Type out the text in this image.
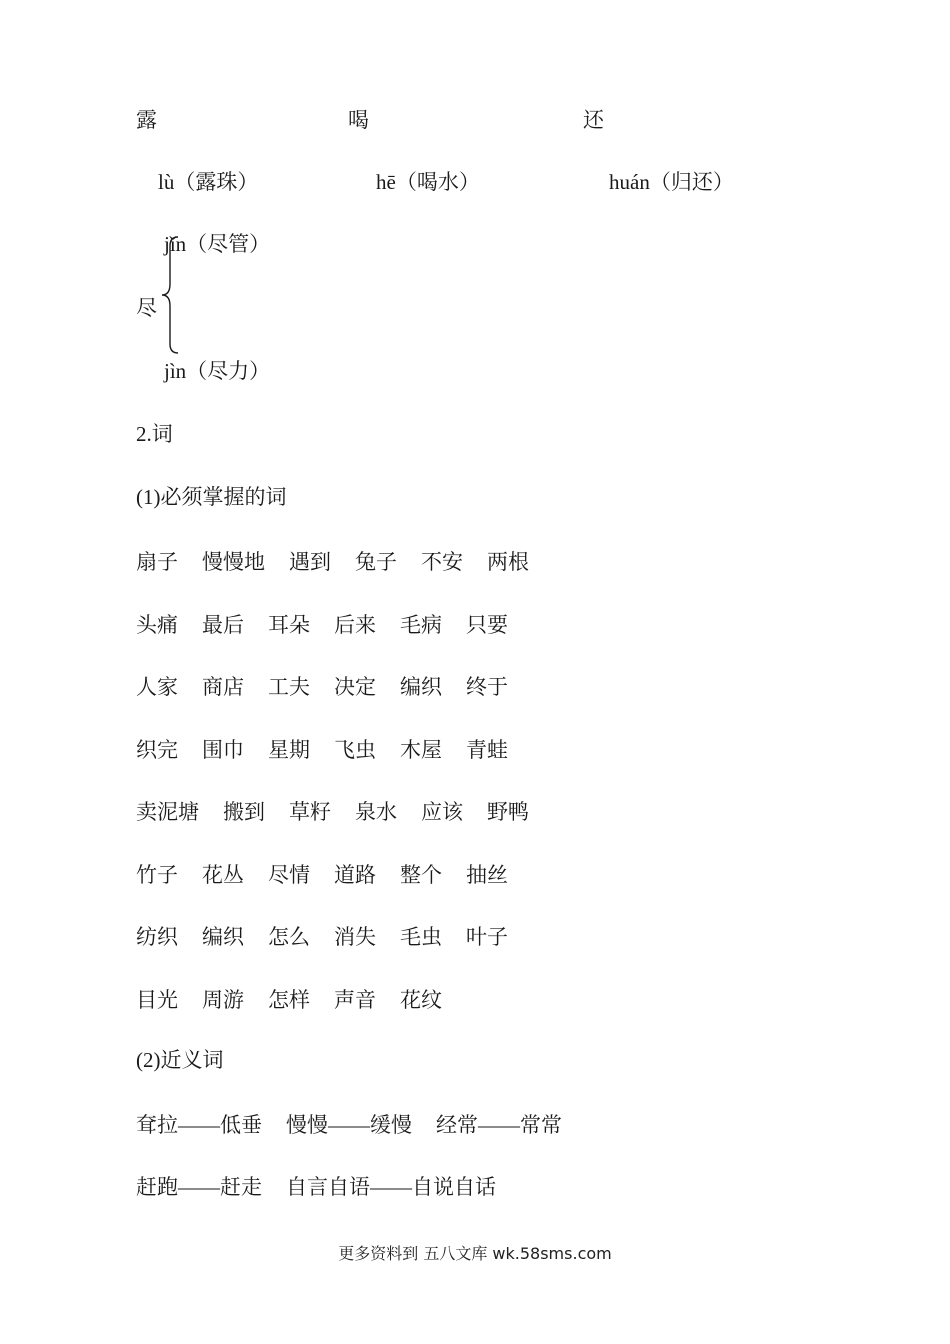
露	喝	还
lù（露珠）	hē（喝水）	huán（归还）
jǐn（尽管）
尽
jìn（尽力）
2.词
(1)必须掌握的词
扇子 慢慢地 遇到 兔子 不安 两根
头痛 最后 耳朵 后来 毛病 只要
人家 商店 工夫 决定 编织 终于
织完 围巾 星期 飞虫 木屋 青蛙
卖泥塘 搬到 草籽 泉水 应该 野鸭
竹子 花丛 尽情 道路 整个 抽丝
纺织 编织 怎么 消失 毛虫 叶子
目光 周游 怎样 声音 花纹
(2)近义词
耷拉——低垂 慢慢——缓慢 经常——常常
赶跑——赶走 自言自语——自说自话
更多资料到 五八文库 wk.58sms.com
